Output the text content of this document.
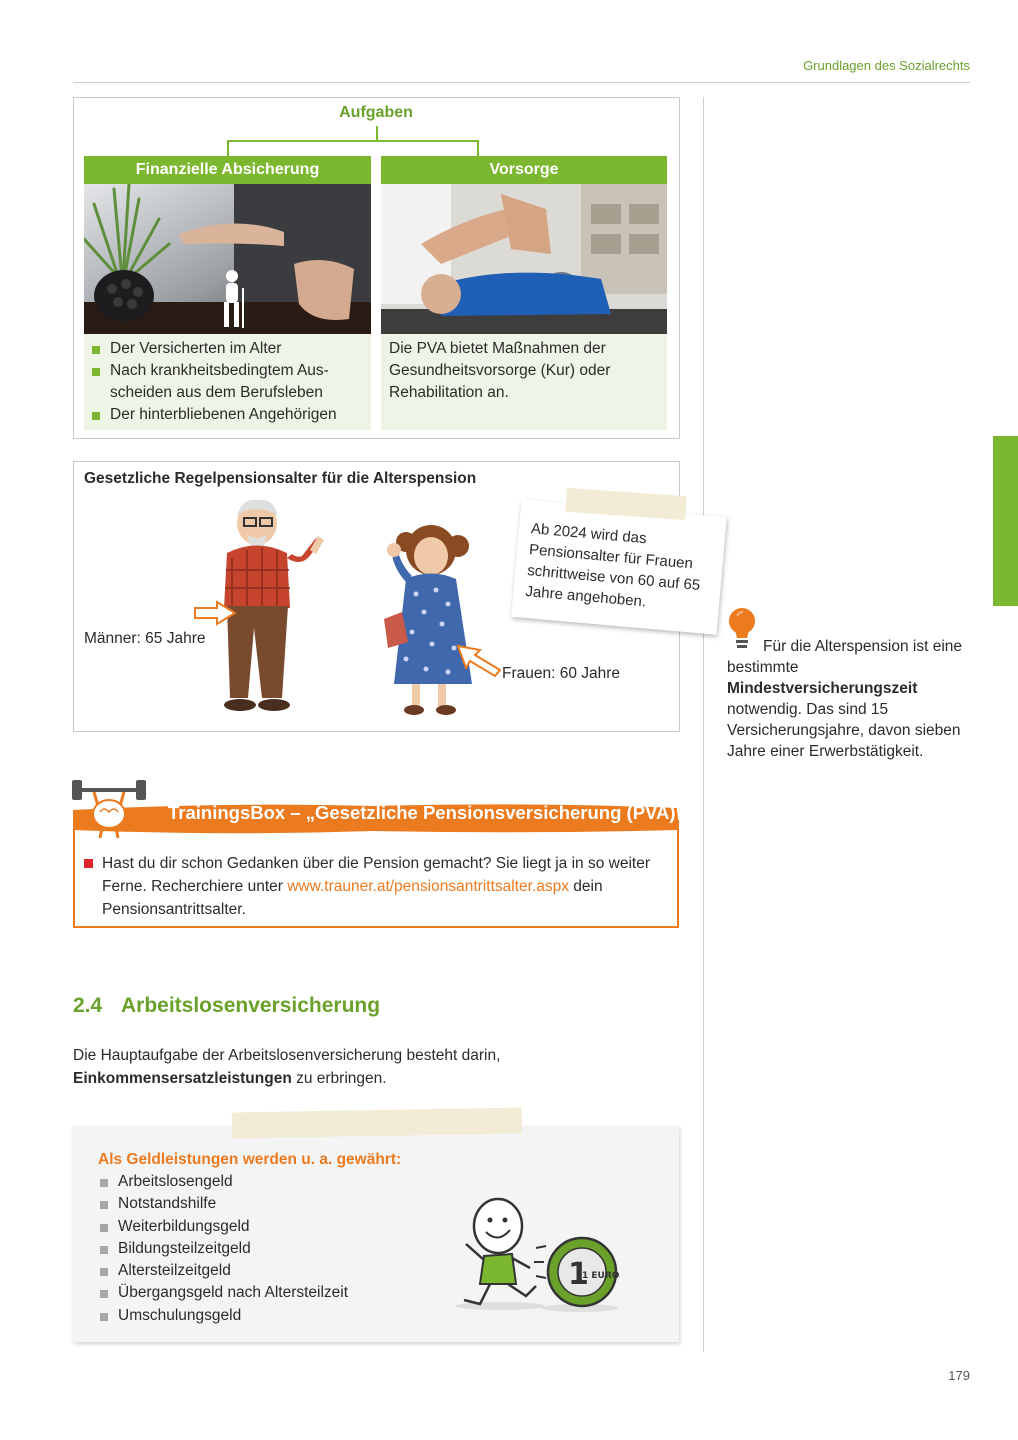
Grundlagen des Sozialrechts
Aufgaben
Finanzielle Absicherung
Der Versicherten im Alter
Nach krankheitsbedingtem Aus-scheiden aus dem Berufsleben
Der hinterbliebenen Angehörigen
Vorsorge
Die PVA bietet Maßnahmen der Gesundheitsvorsorge (Kur) oder Rehabilitation an.
Gesetzliche Regelpensionsalter für die Alterspension
Männer: 65 Jahre
Frauen: 60 Jahre
Ab 2024 wird das Pensionsalter für Frauen schrittweise von 60 auf 65 Jahre angehoben.
Für die Alterspension ist eine bestimmte Mindestversicherungszeit notwendig. Das sind 15 Versicherungsjahre, davon sieben Jahre einer Erwerbstätigkeit.
TrainingsBox – „Gesetzliche Pensionsversicherung (PVA)“
Hast du dir schon Gedanken über die Pension gemacht? Sie liegt ja in so weiter Ferne. Recherchiere unter www.trauner.at/pensionsantrittsalter.aspx dein Pensionsantrittsalter.
2.4 Arbeitslosenversicherung
Die Hauptaufgabe der Arbeitslosenversicherung besteht darin, Einkommensersatzleistungen zu erbringen.
Als Geldleistungen werden u. a. gewährt:
Arbeitslosengeld
Notstandshilfe
Weiterbildungsgeld
Bildungsteilzeitgeld
Altersteilzeitgeld
Übergangsgeld nach Altersteilzeit
Umschulungsgeld
1
1 EURO
179
